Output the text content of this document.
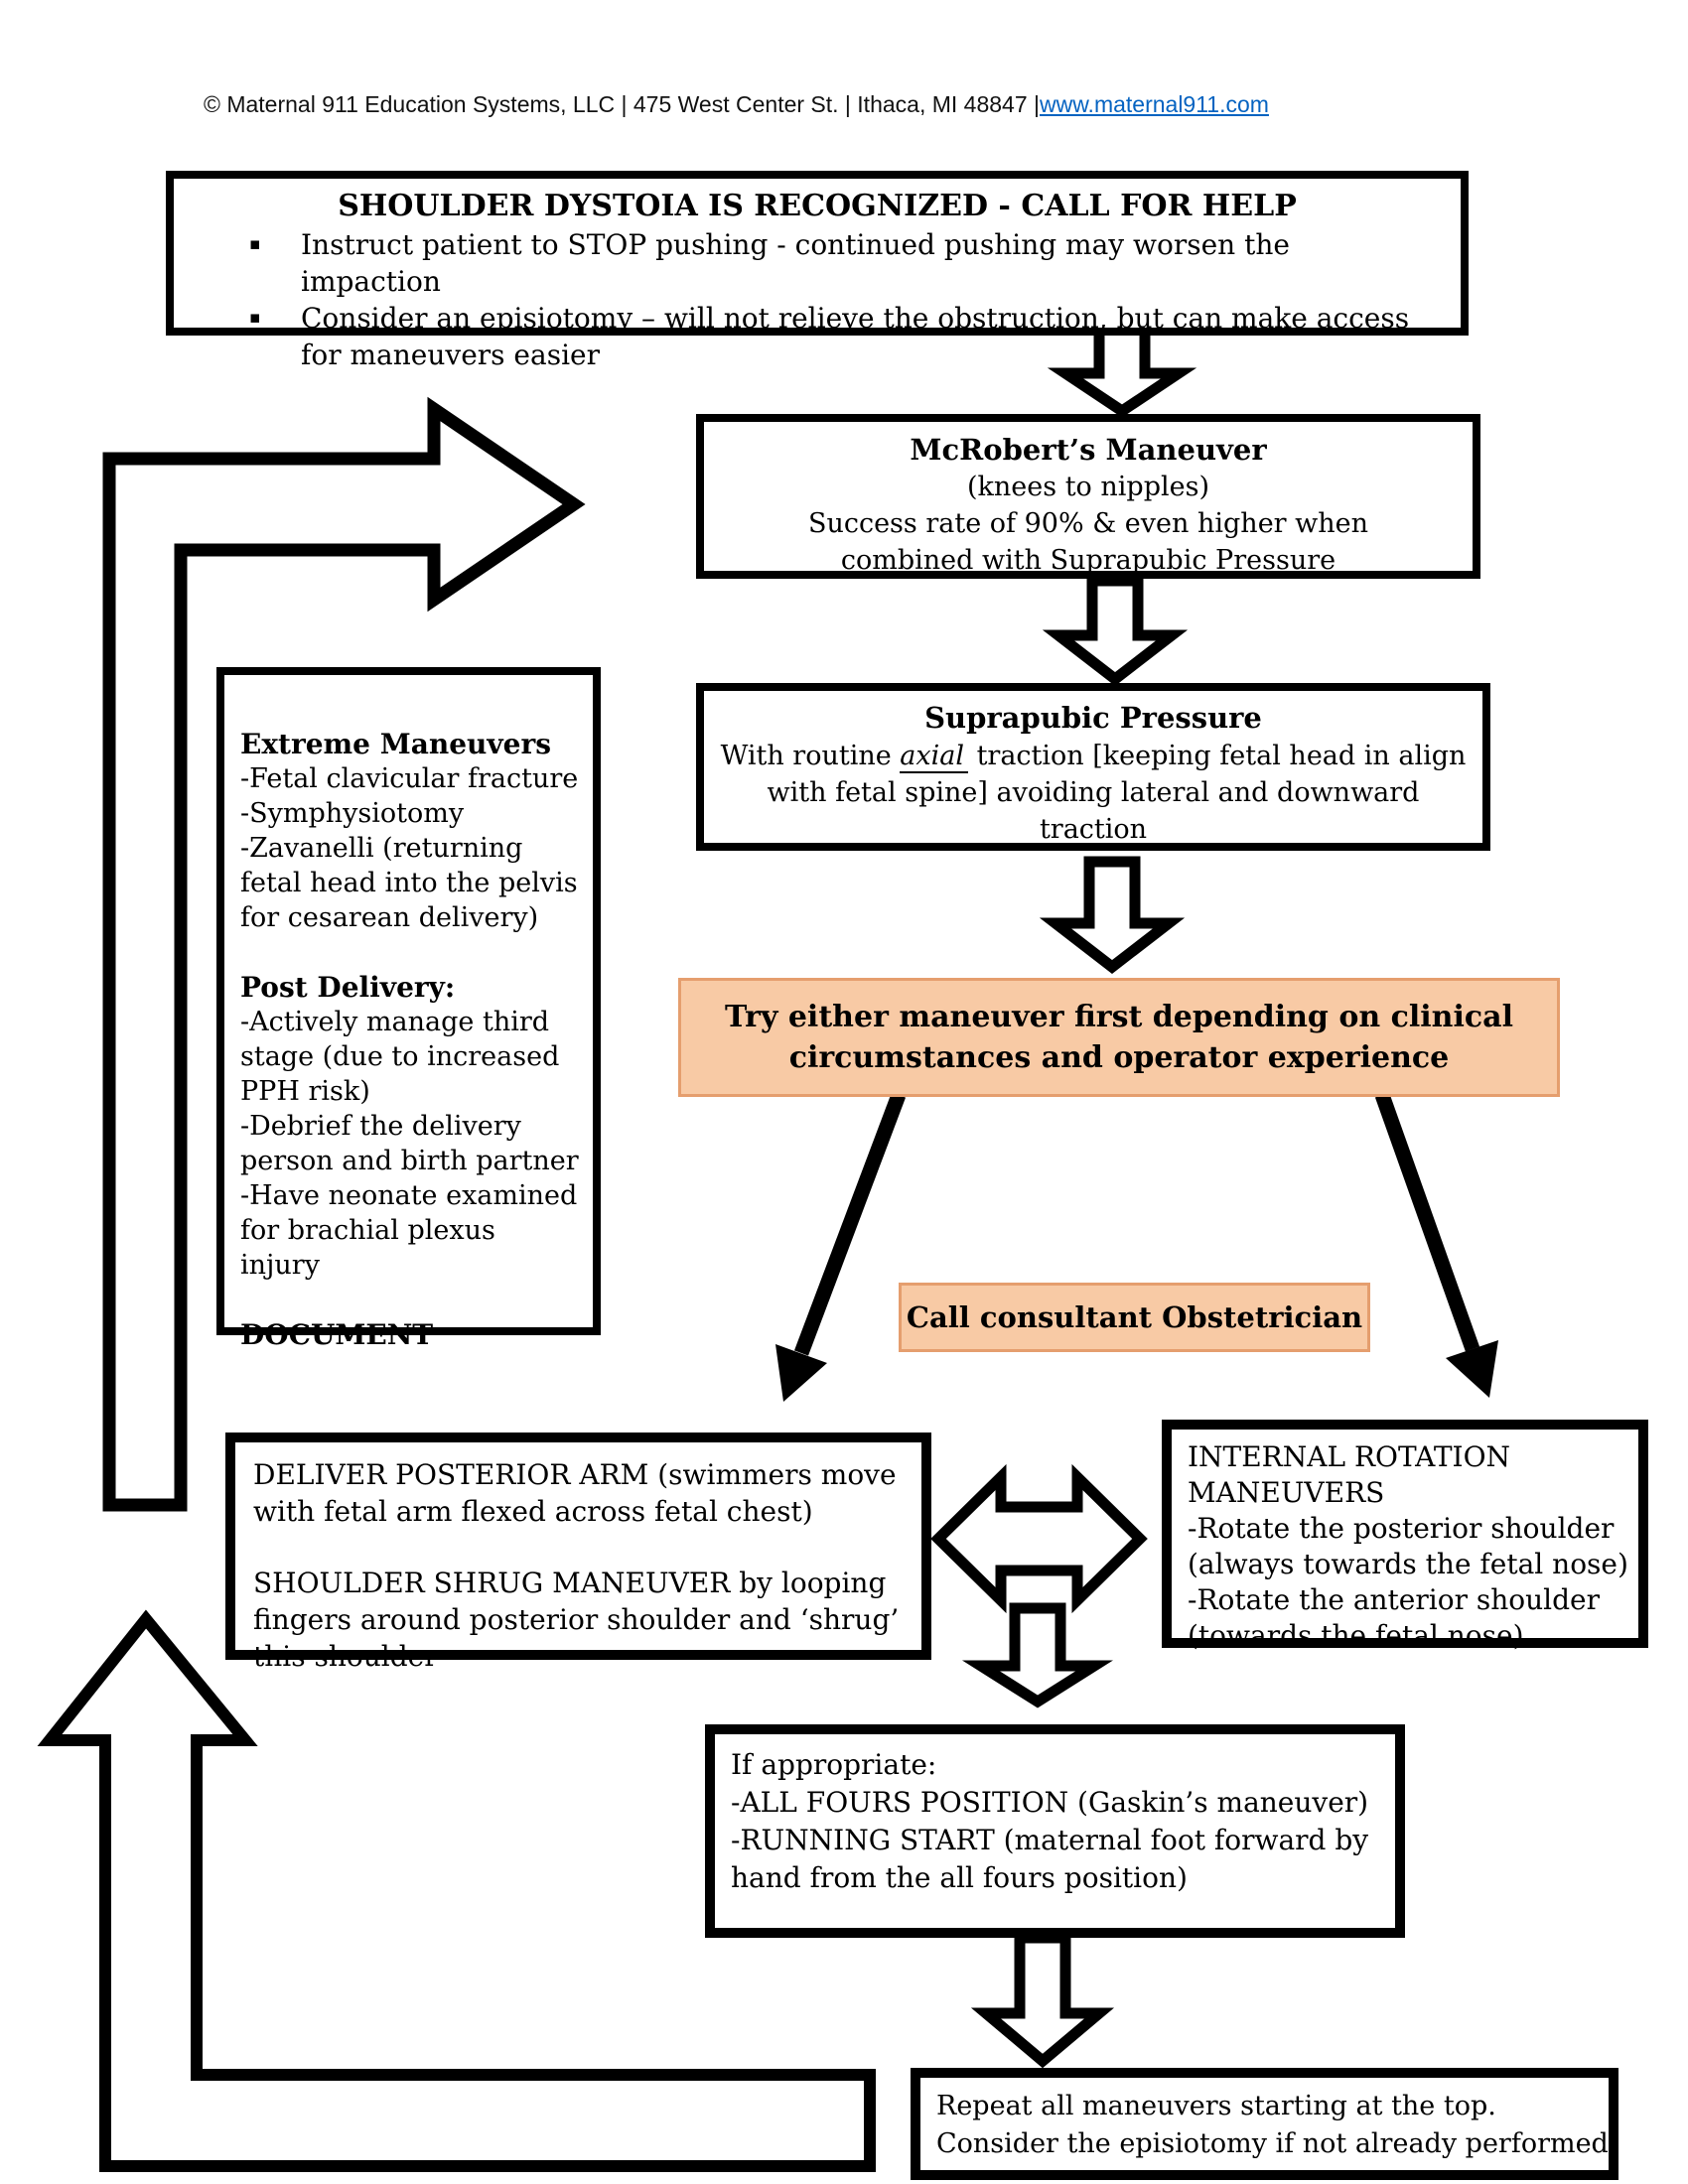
© Maternal 911 Education Systems, LLC | 475 West Center St. | Ithaca, MI 48847 |www.maternal911.com
SHOULDER DYSTOIA IS RECOGNIZED - CALL FOR HELP
▪	Instruct patient to STOP pushing - continued pushing may worsen the impaction
▪	Consider an episiotomy – will not relieve the obstruction, but can make access for maneuvers easier
McRobert’s Maneuver
(knees to nipples)
Success rate of 90% & even higher when
combined with Suprapubic Pressure
Suprapubic Pressure
With routine axial traction [keeping fetal head in align
with fetal spine] avoiding lateral and downward
traction
Try either maneuver first depending on clinical
circumstances and operator experience
Extreme Maneuvers
-Fetal clavicular fracture
-Symphysiotomy
-Zavanelli (returning fetal head into the pelvis for cesarean delivery)
Post Delivery:
-Actively manage third stage (due to increased PPH risk)
-Debrief the delivery person and birth partner
-Have neonate examined for brachial plexus injury
DOCUMENT
Call consultant Obstetrician
DELIVER POSTERIOR ARM (swimmers move with fetal arm flexed across fetal chest)
SHOULDER SHRUG MANEUVER by looping fingers around posterior shoulder and ‘shrug’ this shoulder
INTERNAL ROTATION
MANEUVERS
-Rotate the posterior shoulder (always towards the fetal nose)
-Rotate the anterior shoulder (towards the fetal nose)
If appropriate:
-ALL FOURS POSITION (Gaskin’s maneuver)
-RUNNING START (maternal foot forward by hand from the all fours position)
Repeat all maneuvers starting at the top.
Consider the episiotomy if not already performed
